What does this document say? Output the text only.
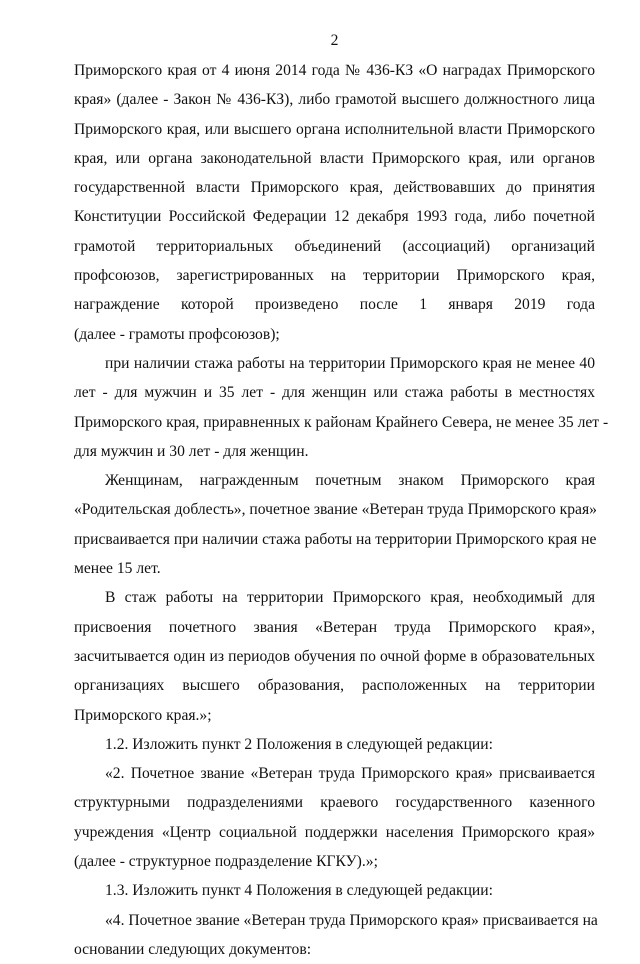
2

Приморского края от 4 июня 2014 года № 436-КЗ «О наградах Приморского
края» (далее - Закон № 436-КЗ), либо грамотой высшего должностного лица
Приморского края, или высшего органа исполнительной власти Приморского
края, или органа законодательной власти Приморского края, или органов
государственной власти Приморского края, действовавших до принятия
Конституции Российской Федерации 12 декабря 1993 года, либо почетной
грамотой территориальных объединений (ассоциаций) организаций
профсоюзов, зарегистрированных на территории Приморского края,
награждение которой произведено после 1 января 2019 года
(далее - грамоты профсоюзов);

при наличии стажа работы на территории Приморского края не менее 40
лет - для мужчин и 35 лет - для женщин или стажа работы в местностях
Приморского края, приравненных к районам Крайнего Севера, не менее 35 лет -
для мужчин и 30 лет - для женщин.

Женщинам, награжденным почетным знаком Приморского края
«Родительская доблесть», почетное звание «Ветеран труда Приморского края»
присваивается при наличии стажа работы на территории Приморского края не
менее 15 лет.

В стаж работы на территории Приморского края, необходимый для
присвоения почетного звания «Ветеран труда Приморского края»,
засчитывается один из периодов обучения по очной форме в образовательных
организациях высшего образования, расположенных на территории
Приморского края.»;

1.2. Изложить пункт 2 Положения в следующей редакции:

«2. Почетное звание «Ветеран труда Приморского края» присваивается
структурными подразделениями краевого государственного казенного
учреждения «Центр социальной поддержки населения Приморского края»
(далее - структурное подразделение КГКУ).»;

1.3. Изложить пункт 4 Положения в следующей редакции:

«4. Почетное звание «Ветеран труда Приморского края» присваивается на
основании следующих документов:
